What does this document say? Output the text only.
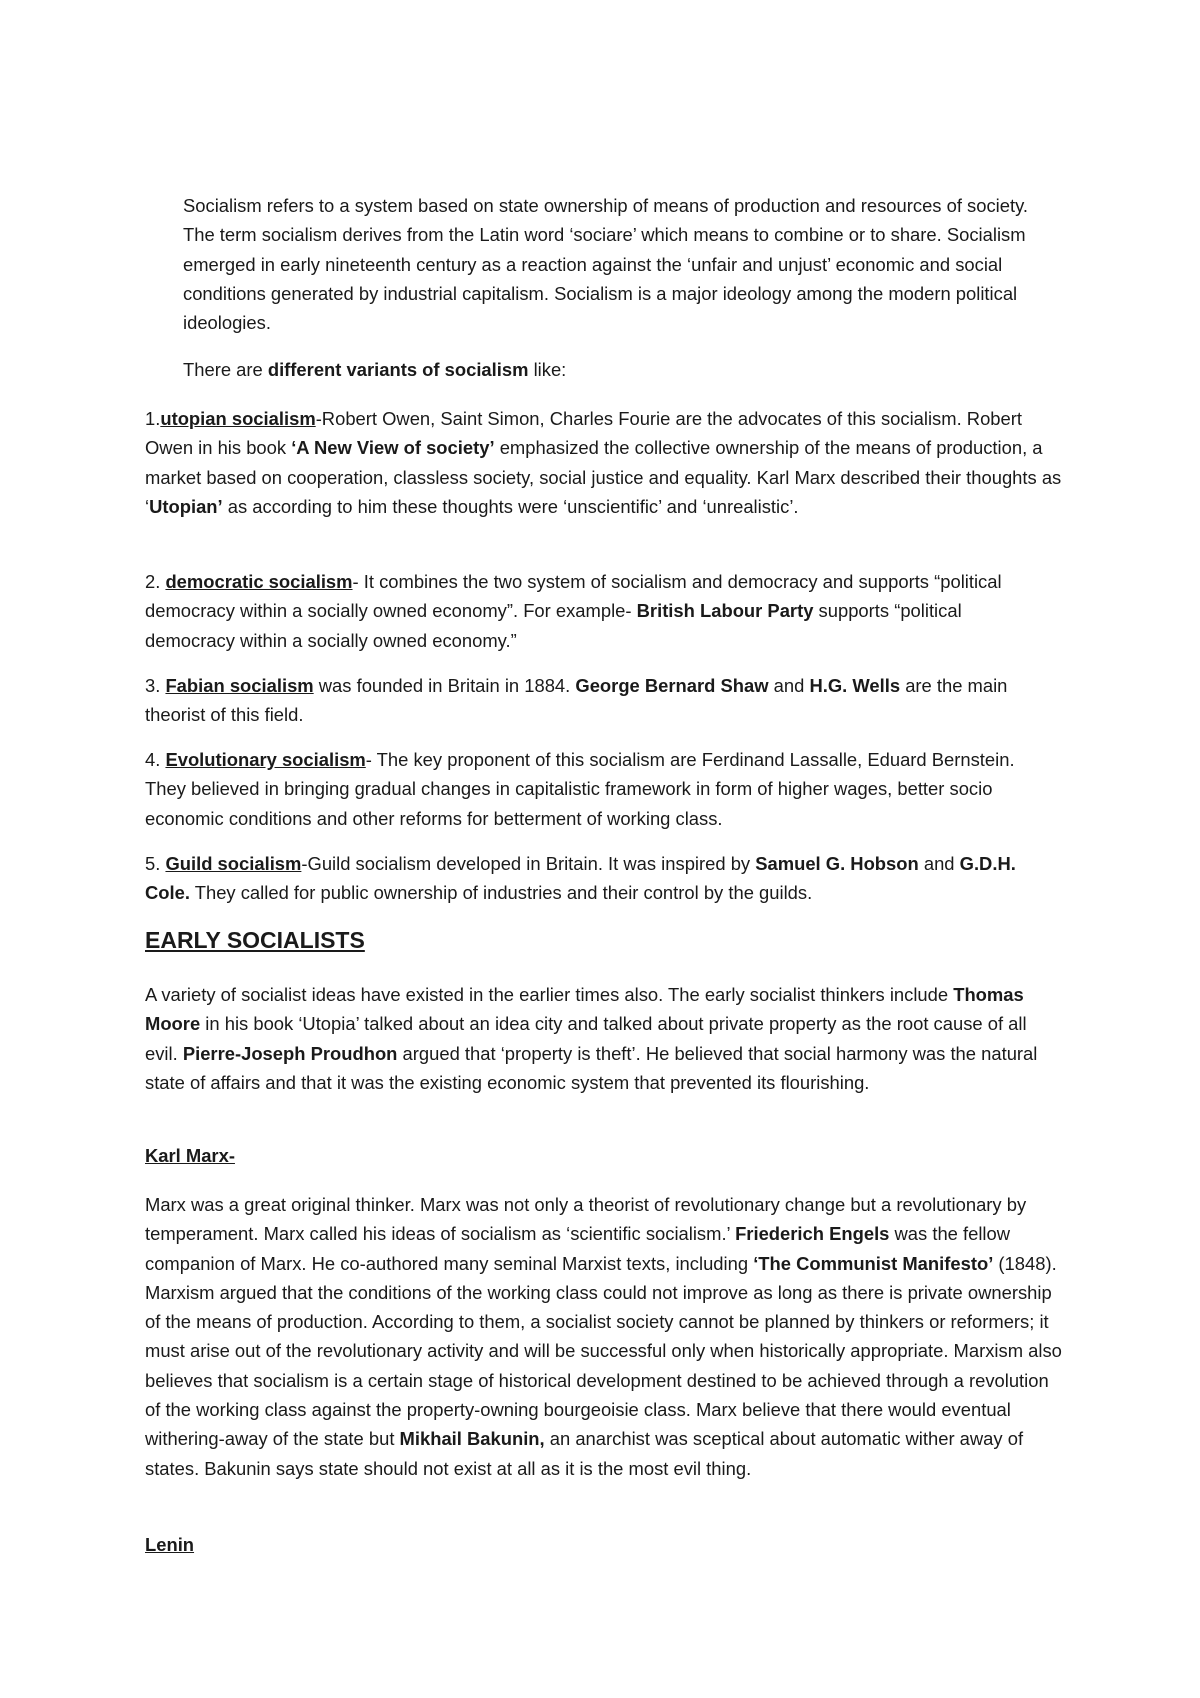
Socialism refers to a system based on state ownership of means of production and resources of society. The term socialism derives from the Latin word ‘sociare’ which means to combine or to share. Socialism emerged in early nineteenth century as a reaction against the ‘unfair and unjust’ economic and social conditions generated by industrial capitalism. Socialism is a major ideology among the modern political ideologies.

There are different variants of socialism like:

1.utopian socialism-Robert Owen, Saint Simon, Charles Fourie are the advocates of this socialism. Robert Owen in his book ‘A New View of society’ emphasized the collective ownership of the means of production, a market based on cooperation, classless society, social justice and equality. Karl Marx described their thoughts as ‘Utopian’ as according to him these thoughts were ‘unscientific’ and ‘unrealistic’.

2. democratic socialism- It combines the two system of socialism and democracy and supports “political democracy within a socially owned economy”. For example- British Labour Party supports “political democracy within a socially owned economy.”

3. Fabian socialism was founded in Britain in 1884. George Bernard Shaw and H.G. Wells are the main theorist of this field.

4. Evolutionary socialism- The key proponent of this socialism are Ferdinand Lassalle, Eduard Bernstein. They believed in bringing gradual changes in capitalistic framework in form of higher wages, better socio economic conditions and other reforms for betterment of working class.

5. Guild socialism-Guild socialism developed in Britain. It was inspired by Samuel G. Hobson and G.D.H. Cole. They called for public ownership of industries and their control by the guilds.

EARLY SOCIALISTS

A variety of socialist ideas have existed in the earlier times also. The early socialist thinkers include Thomas Moore in his book ‘Utopia’ talked about an idea city and talked about private property as the root cause of all evil. Pierre-Joseph Proudhon argued that ‘property is theft’. He believed that social harmony was the natural state of affairs and that it was the existing economic system that prevented its flourishing.

Karl Marx-

Marx was a great original thinker. Marx was not only a theorist of revolutionary change but a revolutionary by temperament. Marx called his ideas of socialism as ‘scientific socialism.’ Friederich Engels was the fellow companion of Marx. He co-authored many seminal Marxist texts, including ‘The Communist Manifesto’ (1848). Marxism argued that the conditions of the working class could not improve as long as there is private ownership of the means of production. According to them, a socialist society cannot be planned by thinkers or reformers; it must arise out of the revolutionary activity and will be successful only when historically appropriate. Marxism also believes that socialism is a certain stage of historical development destined to be achieved through a revolution of the working class against the property-owning bourgeoisie class. Marx believe that there would eventual withering-away of the state but Mikhail Bakunin, an anarchist was sceptical about automatic wither away of states. Bakunin says state should not exist at all as it is the most evil thing.

Lenin
